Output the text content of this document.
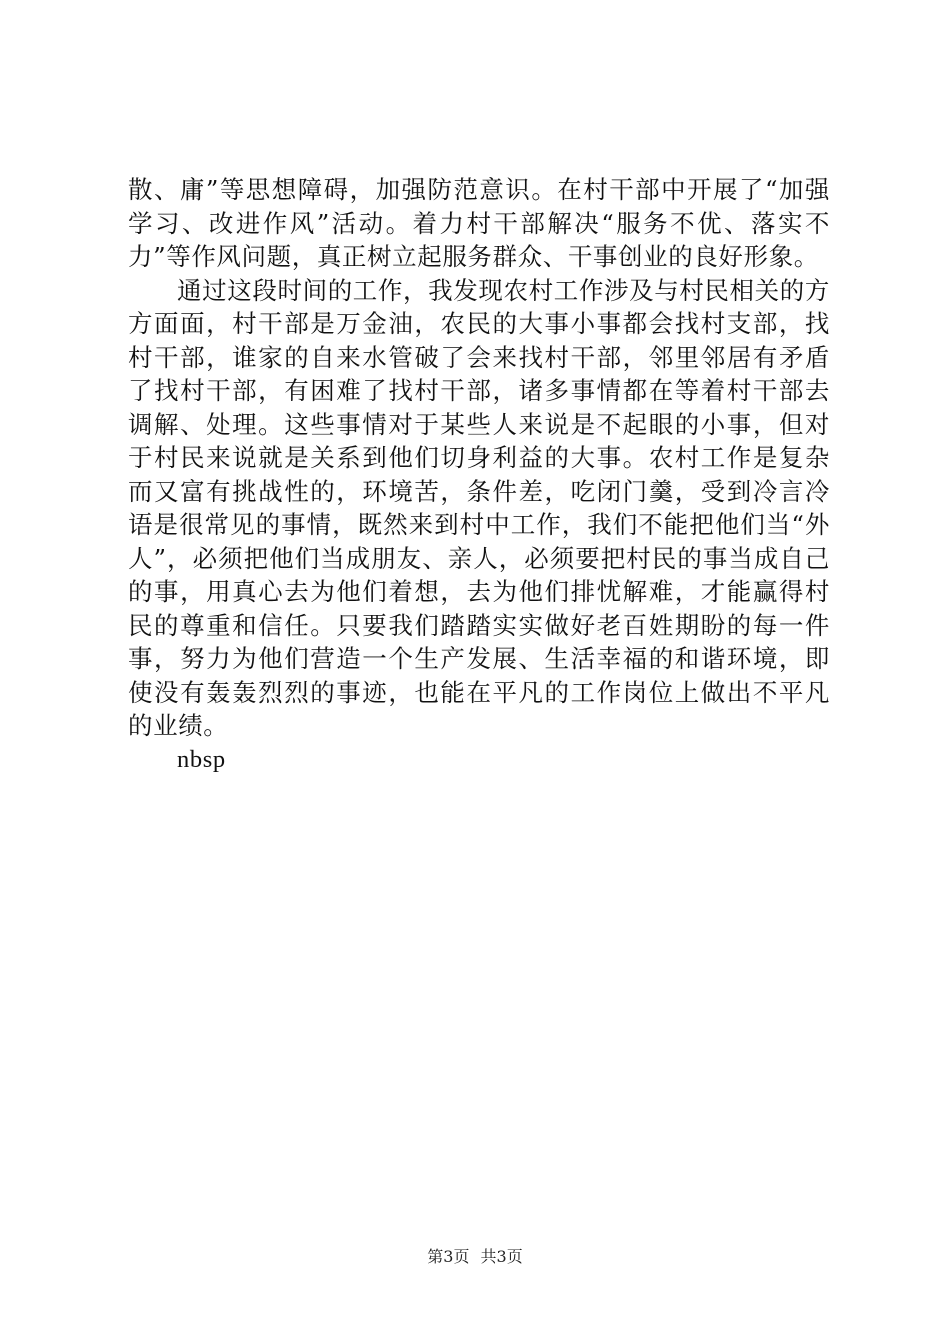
散、庸”等思想障碍，加强防范意识。在村干部中开展了“加强学习、改进作风”活动。着力村干部解决“服务不优、落实不力”等作风问题，真正树立起服务群众、干事创业的良好形象。

通过这段时间的工作，我发现农村工作涉及与村民相关的方方面面，村干部是万金油，农民的大事小事都会找村支部，找村干部，谁家的自来水管破了会来找村干部，邻里邻居有矛盾了找村干部，有困难了找村干部，诸多事情都在等着村干部去调解、处理。这些事情对于某些人来说是不起眼的小事，但对于村民来说就是关系到他们切身利益的大事。农村工作是复杂而又富有挑战性的，环境苦，条件差，吃闭门羹，受到冷言冷语是很常见的事情，既然来到村中工作，我们不能把他们当“外人”，必须把他们当成朋友、亲人，必须要把村民的事当成自己的事，用真心去为他们着想，去为他们排忧解难，才能赢得村民的尊重和信任。只要我们踏踏实实做好老百姓期盼的每一件事，努力为他们营造一个生产发展、生活幸福的和谐环境，即使没有轰轰烈烈的事迹，也能在平凡的工作岗位上做出不平凡的业绩。

nbsp

第3页 共3页
